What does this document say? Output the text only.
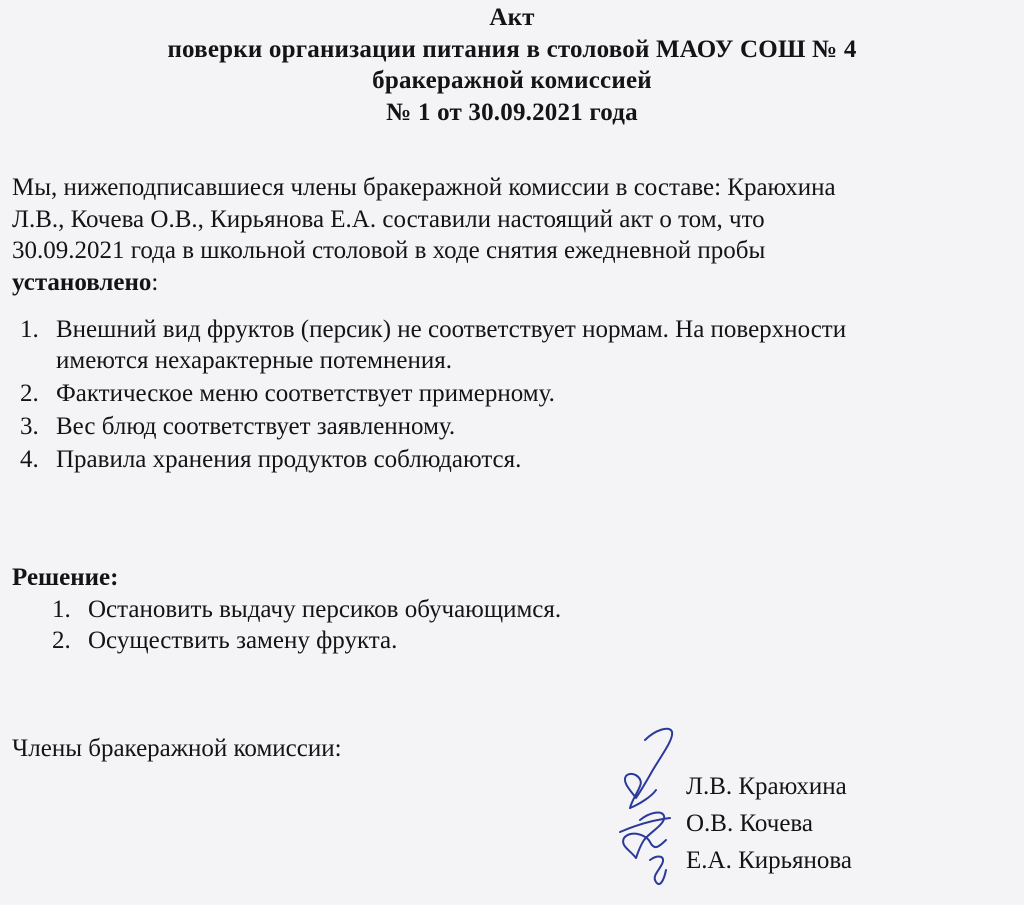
Акт
поверки организации питания в столовой МАОУ СОШ № 4
бракеражной комиссией
№ 1 от 30.09.2021 года
Мы, нижеподписавшиеся члены бракеражной комиссии в составе: Краюхина
Л.В., Кочева О.В., Кирьянова Е.А. составили настоящий акт о том, что
30.09.2021 года в школьной столовой в ходе снятия ежедневной пробы
установлено:
1. Внешний вид фруктов (персик) не соответствует нормам. На поверхности
имеются нехарактерные потемнения.
2. Фактическое меню соответствует примерному.
3. Вес блюд соответствует заявленному.
4. Правила хранения продуктов соблюдаются.
Решение:
1. Остановить выдачу персиков обучающимся.
2. Осуществить замену фрукта.
Члены бракеражной комиссии:
Л.В. Краюхина
О.В. Кочева
Е.А. Кирьянова
